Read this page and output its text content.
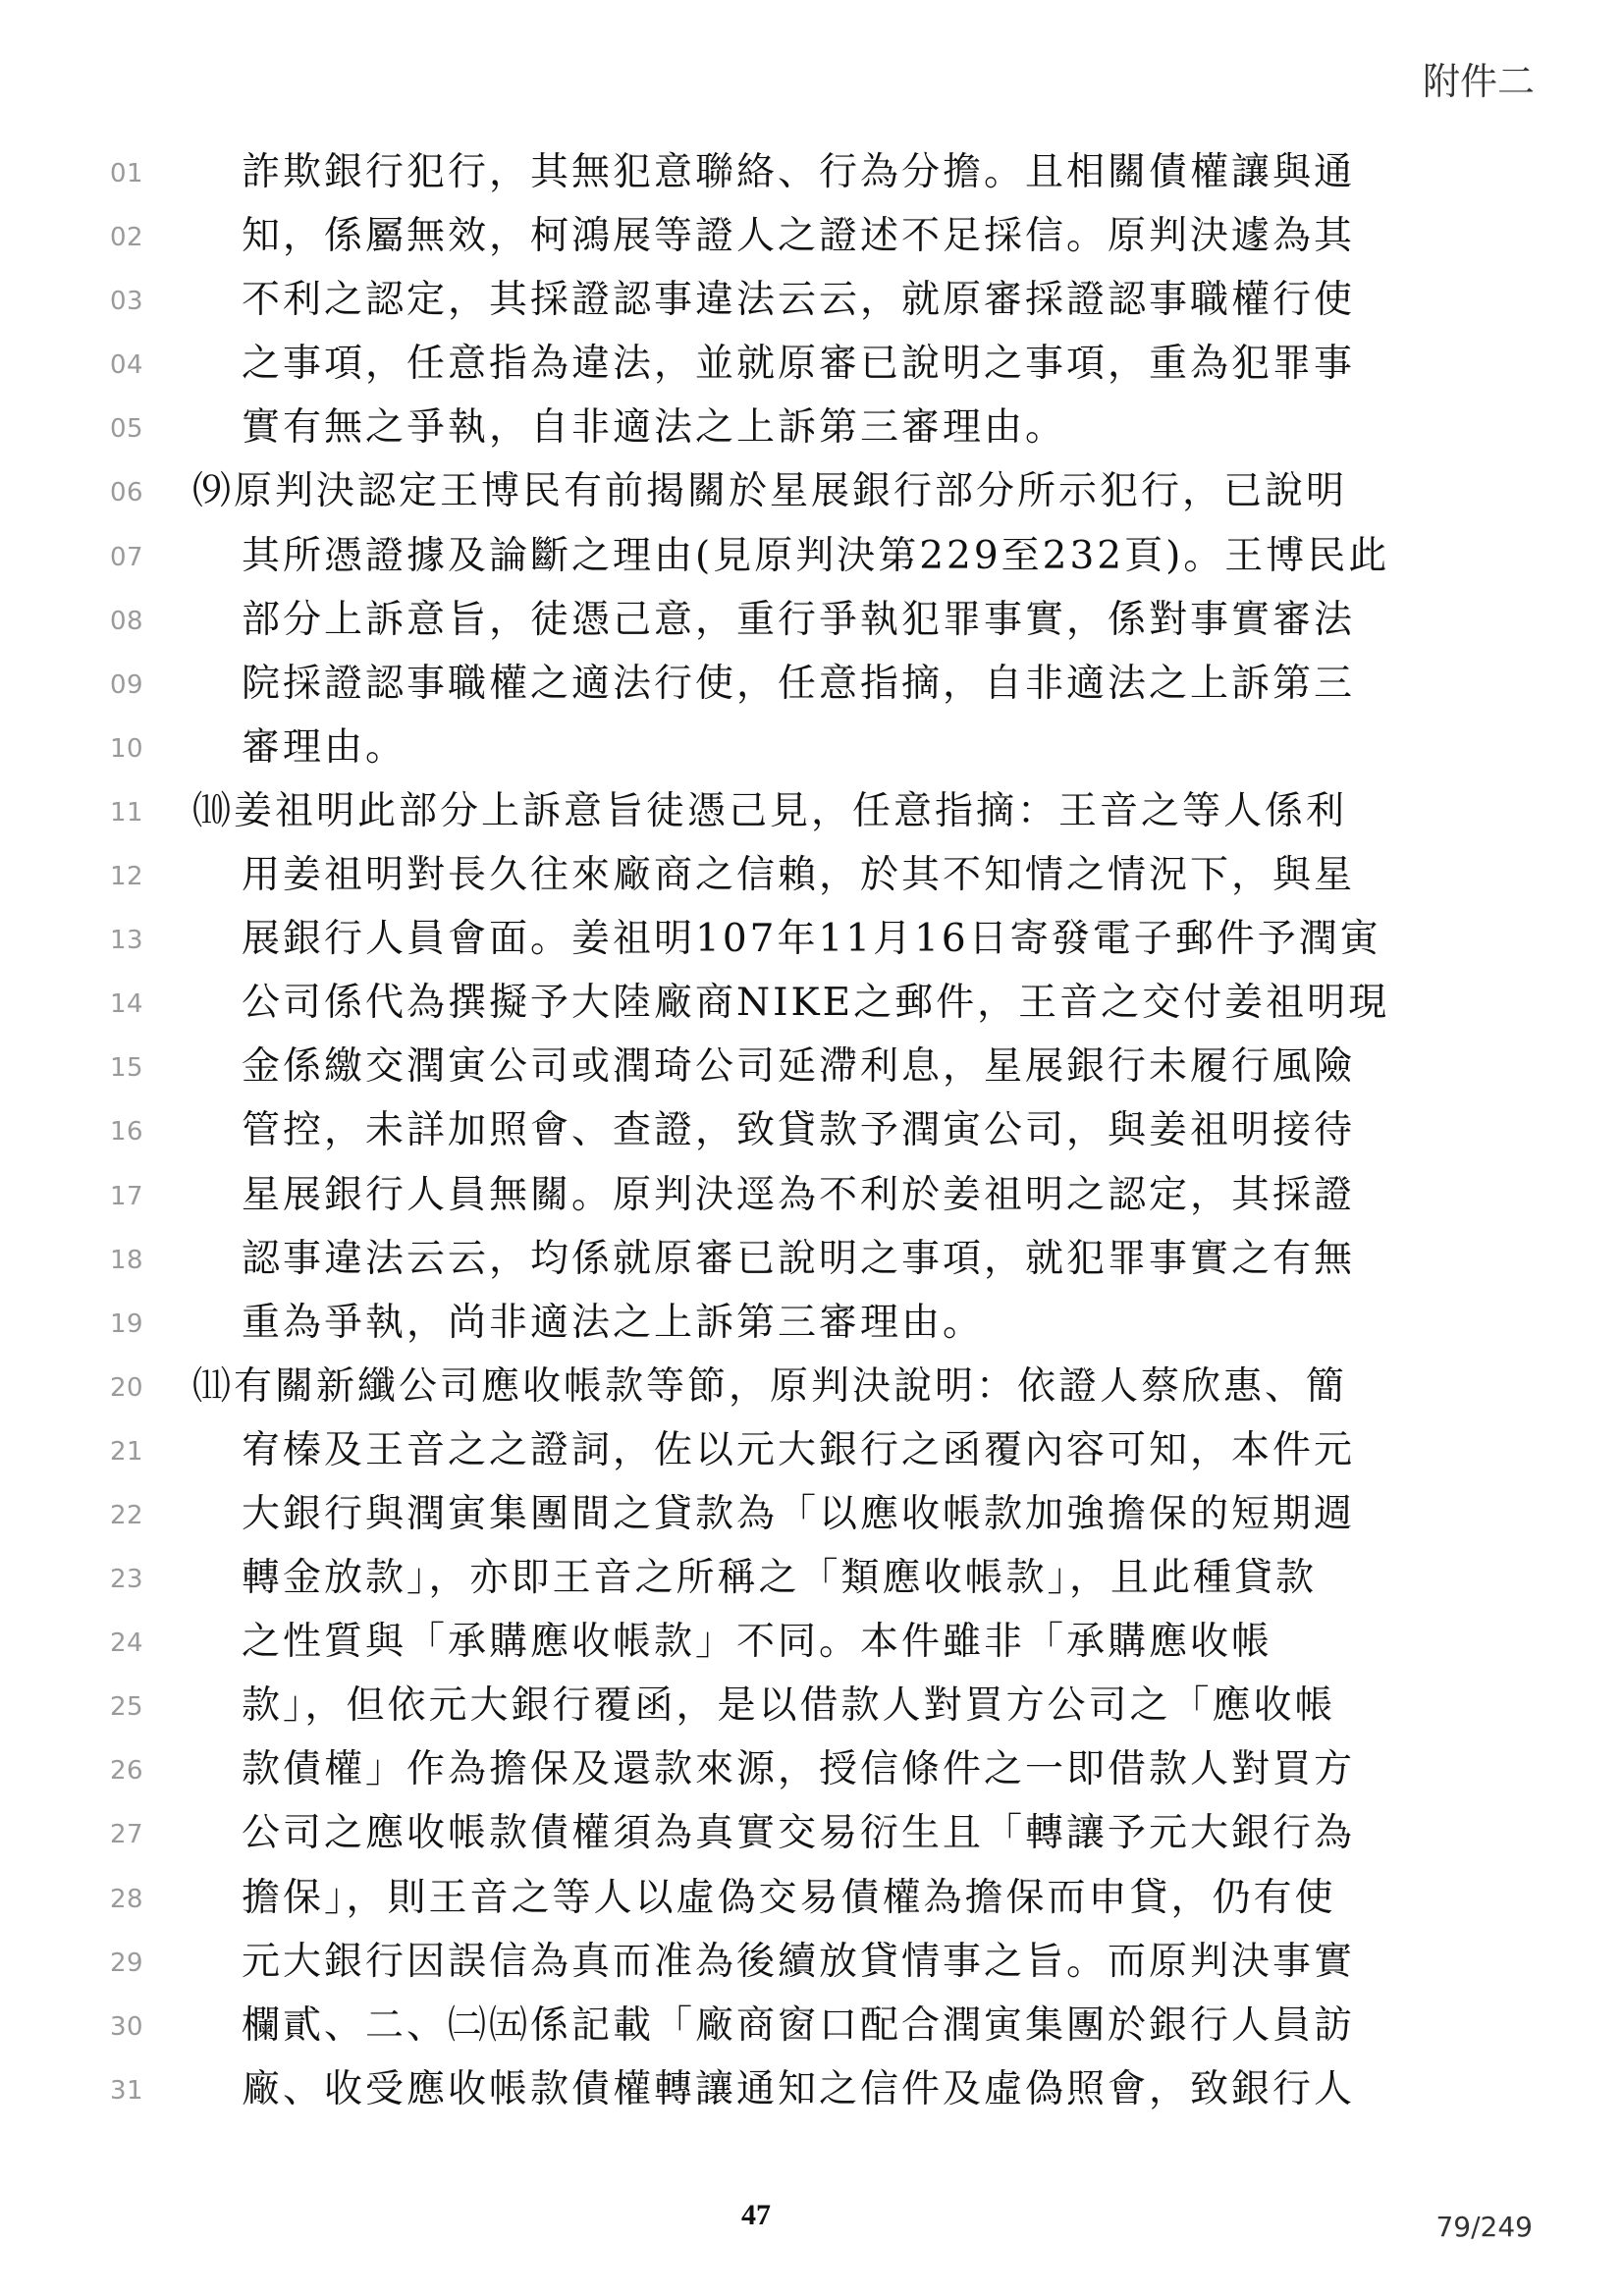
附件二
01	詐欺銀行犯行，其無犯意聯絡、行為分擔。且相關債權讓與通
02	知，係屬無效，柯鴻展等證人之證述不足採信。原判決遽為其
03	不利之認定，其採證認事違法云云，就原審採證認事職權行使
04	之事項，任意指為違法，並就原審已說明之事項，重為犯罪事
05	實有無之爭執，自非適法之上訴第三審理由。
06 ⑼原判決認定王博民有前揭關於星展銀行部分所示犯行，已說明
07	其所憑證據及論斷之理由(見原判決第229至232頁)。王博民此
08	部分上訴意旨，徒憑己意，重行爭執犯罪事實，係對事實審法
09	院採證認事職權之適法行使，任意指摘，自非適法之上訴第三
10	審理由。
11 ⑽姜祖明此部分上訴意旨徒憑己見，任意指摘：王音之等人係利
12	用姜祖明對長久往來廠商之信賴，於其不知情之情況下，與星
13	展銀行人員會面。姜祖明107年11月16日寄發電子郵件予潤寅
14	公司係代為撰擬予大陸廠商NIKE之郵件，王音之交付姜祖明現
15	金係繳交潤寅公司或潤琦公司延滯利息，星展銀行未履行風險
16	管控，未詳加照會、查證，致貸款予潤寅公司，與姜祖明接待
17	星展銀行人員無關。原判決逕為不利於姜祖明之認定，其採證
18	認事違法云云，均係就原審已說明之事項，就犯罪事實之有無
19	重為爭執，尚非適法之上訴第三審理由。
20 ⑾有關新纖公司應收帳款等節，原判決說明：依證人蔡欣惠、簡
21	宥榛及王音之之證詞，佐以元大銀行之函覆內容可知，本件元
22	大銀行與潤寅集團間之貸款為「以應收帳款加強擔保的短期週
23	轉金放款」，亦即王音之所稱之「類應收帳款」，且此種貸款
24	之性質與「承購應收帳款」不同。本件雖非「承購應收帳
25	款」，但依元大銀行覆函，是以借款人對買方公司之「應收帳
26	款債權」作為擔保及還款來源，授信條件之一即借款人對買方
27	公司之應收帳款債權須為真實交易衍生且「轉讓予元大銀行為
28	擔保」，則王音之等人以虛偽交易債權為擔保而申貸，仍有使
29	元大銀行因誤信為真而准為後續放貸情事之旨。而原判決事實
30	欄貳、二、㈡㈤係記載「廠商窗口配合潤寅集團於銀行人員訪
31	廠、收受應收帳款債權轉讓通知之信件及虛偽照會，致銀行人
47	79/249
